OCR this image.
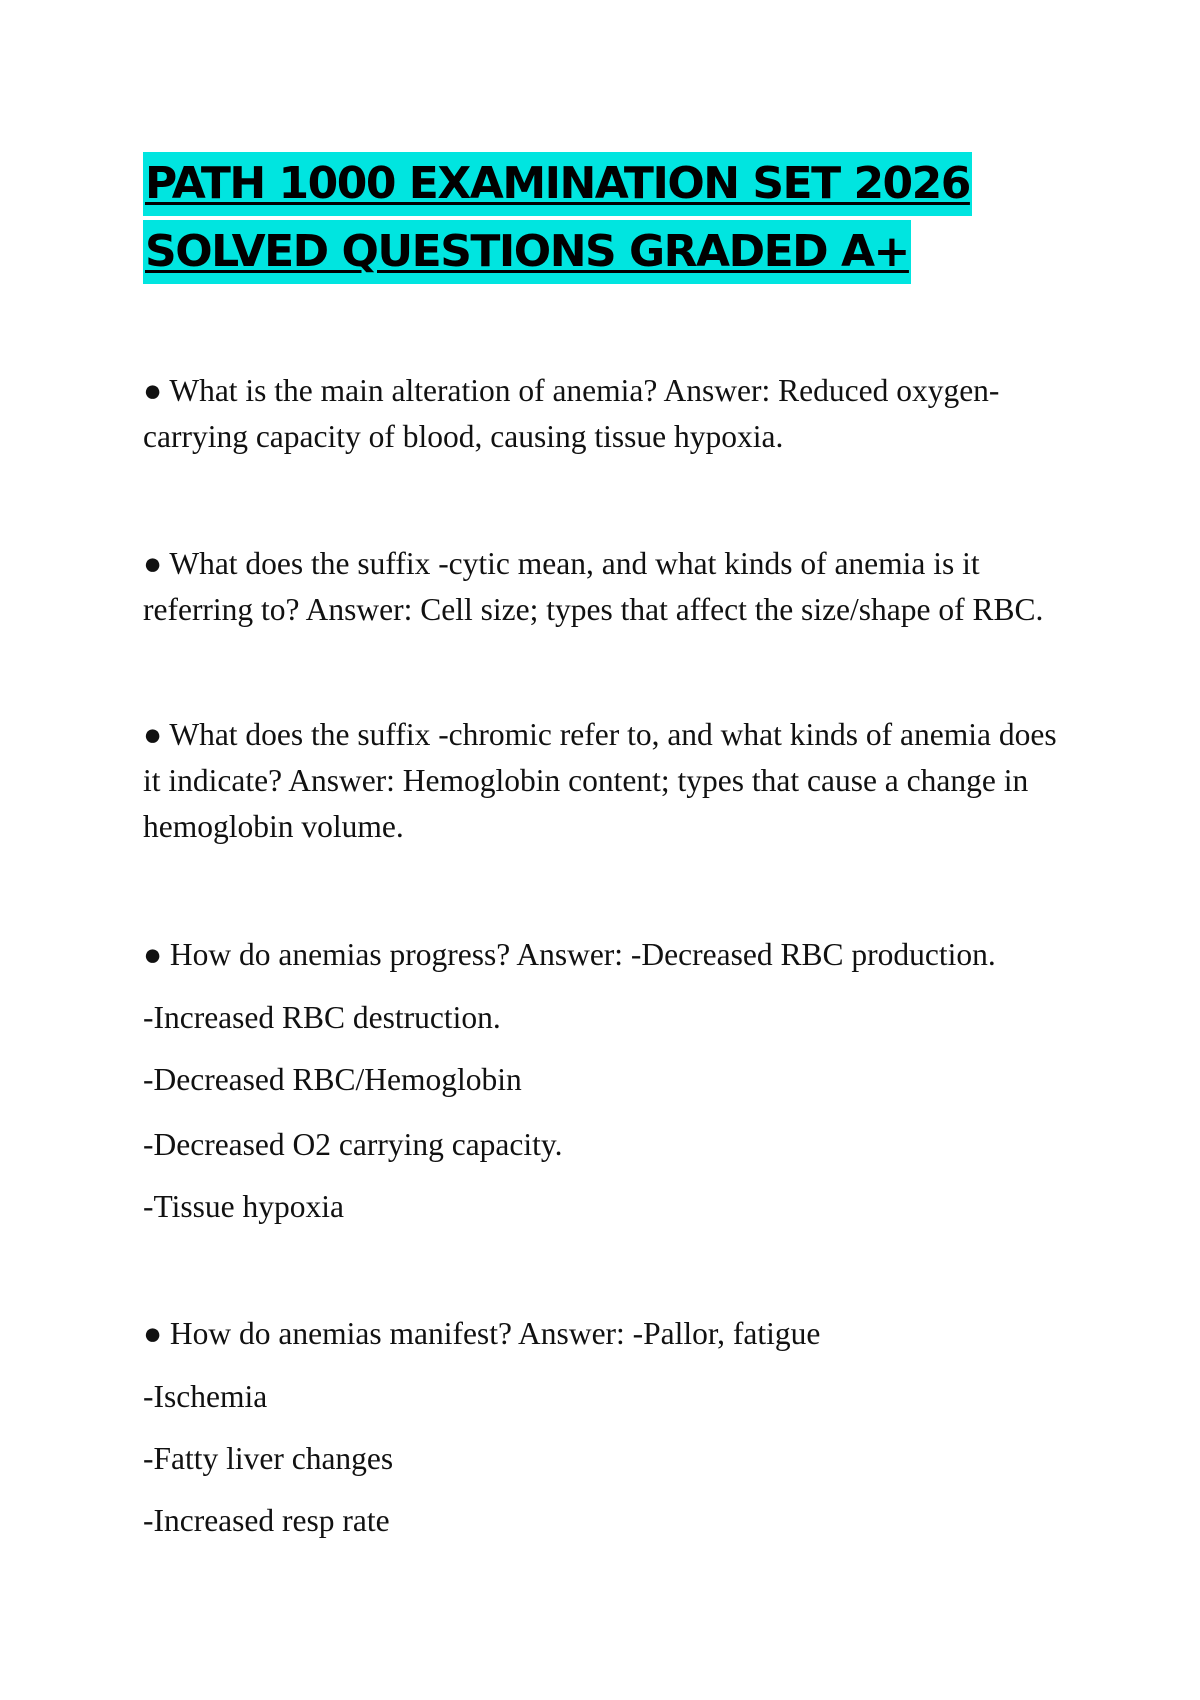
PATH 1000 EXAMINATION SET 2026
SOLVED QUESTIONS GRADED A+

● What is the main alteration of anemia? Answer: Reduced oxygen-carrying capacity of blood, causing tissue hypoxia.

● What does the suffix -cytic mean, and what kinds of anemia is it referring to? Answer: Cell size; types that affect the size/shape of RBC.

● What does the suffix -chromic refer to, and what kinds of anemia does it indicate? Answer: Hemoglobin content; types that cause a change in hemoglobin volume.

● How do anemias progress? Answer: -Decreased RBC production.

-Increased RBC destruction.

-Decreased RBC/Hemoglobin

-Decreased O2 carrying capacity.

-Tissue hypoxia

● How do anemias manifest? Answer: -Pallor, fatigue

-Ischemia

-Fatty liver changes

-Increased resp rate
